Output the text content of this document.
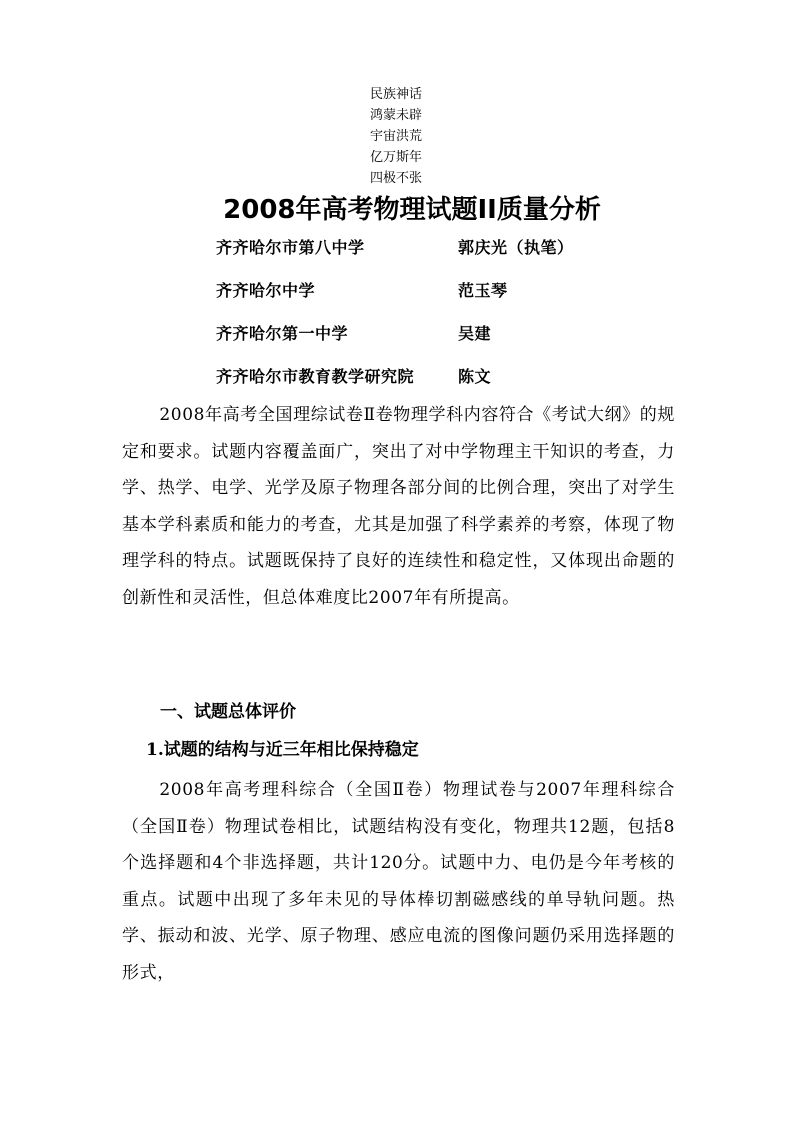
民族神话
鸿蒙未辟
宇宙洪荒
亿万斯年
四极不张
2008年高考物理试题II质量分析
齐齐哈尔市第八中学	郭庆光（执笔）
齐齐哈尔中学	范玉琴
齐齐哈尔第一中学	吴建
齐齐哈尔市教育教学研究院	陈文

2008年高考全国理综试卷Ⅱ卷物理学科内容符合《考试大纲》的规定和要求。试题内容覆盖面广，突出了对中学物理主干知识的考查，力学、热学、电学、光学及原子物理各部分间的比例合理，突出了对学生基本学科素质和能力的考查，尤其是加强了科学素养的考察，体现了物理学科的特点。试题既保持了良好的连续性和稳定性，又体现出命题的创新性和灵活性，但总体难度比2007年有所提高。

一、试题总体评价
1.试题的结构与近三年相比保持稳定

2008年高考理科综合（全国Ⅱ卷）物理试卷与2007年理科综合（全国Ⅱ卷）物理试卷相比，试题结构没有变化，物理共12题，包括8个选择题和4个非选择题，共计120分。试题中力、电仍是今年考核的重点。试题中出现了多年未见的导体棒切割磁感线的单导轨问题。热学、振动和波、光学、原子物理、感应电流的图像问题仍采用选择题的形式，
